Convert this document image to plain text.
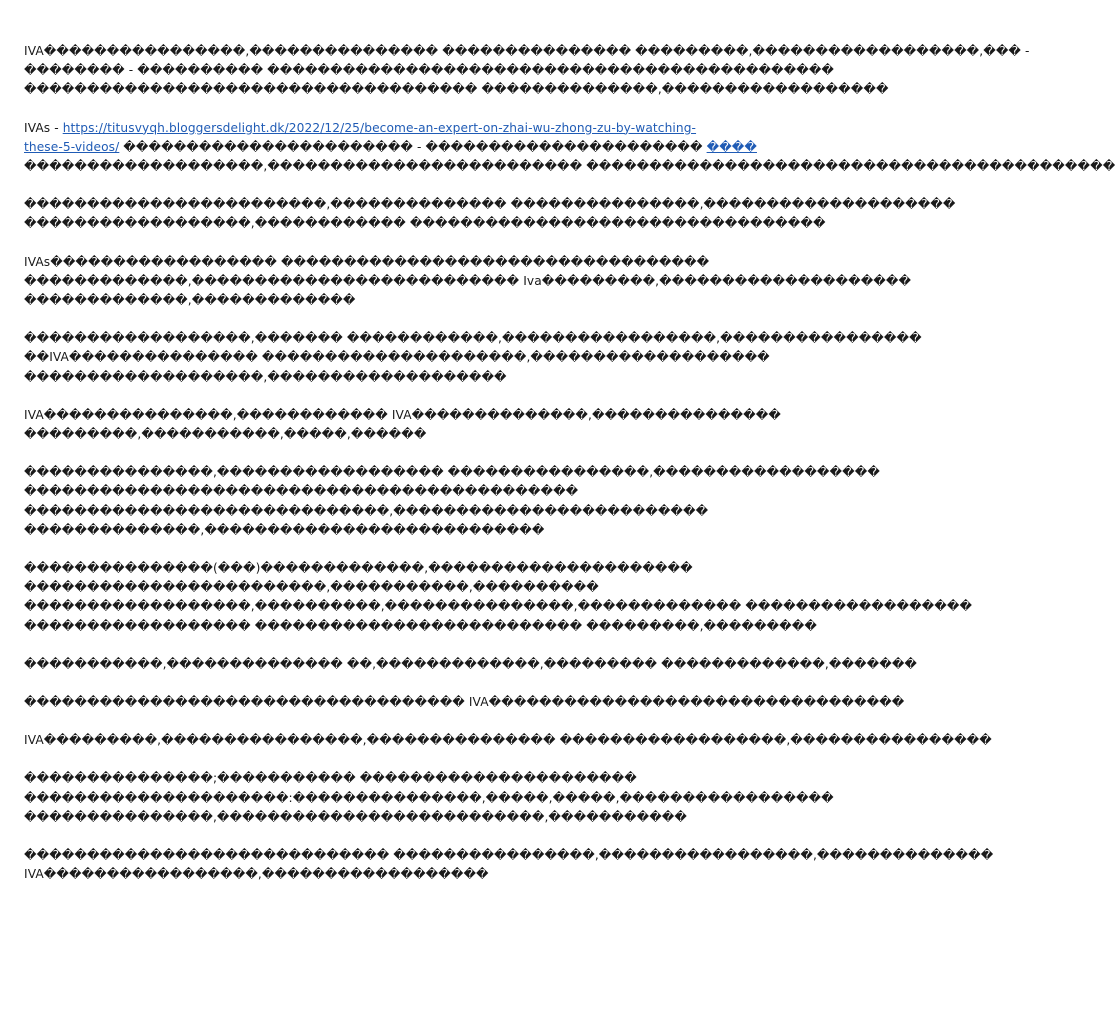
IVA����������������,��������������� ��������������� ���������,������������������,��� -
�������� - ���������� ���������������������������������������������
������������������������������������ ��������������,������������������

IVAs - https://titusvyqh.bloggersdelight.dk/2022/12/25/become-an-expert-on-zhai-wu-zhong-zu-by-watching-
these-5-videos/ ����������������������� - ���������������������� ����
�������������������,������������������������� ������������������������������������������

������������������������,�������������� ���������������,��������������������
������������������,������������ ���������������������������������

IVAs������������������ ����������������������������������
�������������,�������������������������� Iva���������,��������������������
�������������,�������������

������������������,������� ������������,�����������������,����������������
��IVA��������������� ���������������������,�������������������
�������������������,�������������������

IVA���������������,������������ IVA��������������,���������������
���������,�����������,�����,������

���������������,������������������ ����������������,������������������
��������������������������������������������
�����������������������������,�������������������������
��������������,���������������������������

���������������(���)�������������,���������������������
������������������������,�����������,����������
������������������,����������,���������������,������������� ������������������
������������������ �������������������������� ���������,���������

�����������,�������������� ��,�������������,��������� �������������,�������

����������������������������������� IVA���������������������������������

IVA���������,����������������,��������������� ������������������,����������������

���������������;����������� ����������������������
���������������������:���������������,�����,�����,�����������������
���������������,��������������������������,�����������

����������������������������� ����������������,�����������������,��������������
IVA�����������������,������������������
